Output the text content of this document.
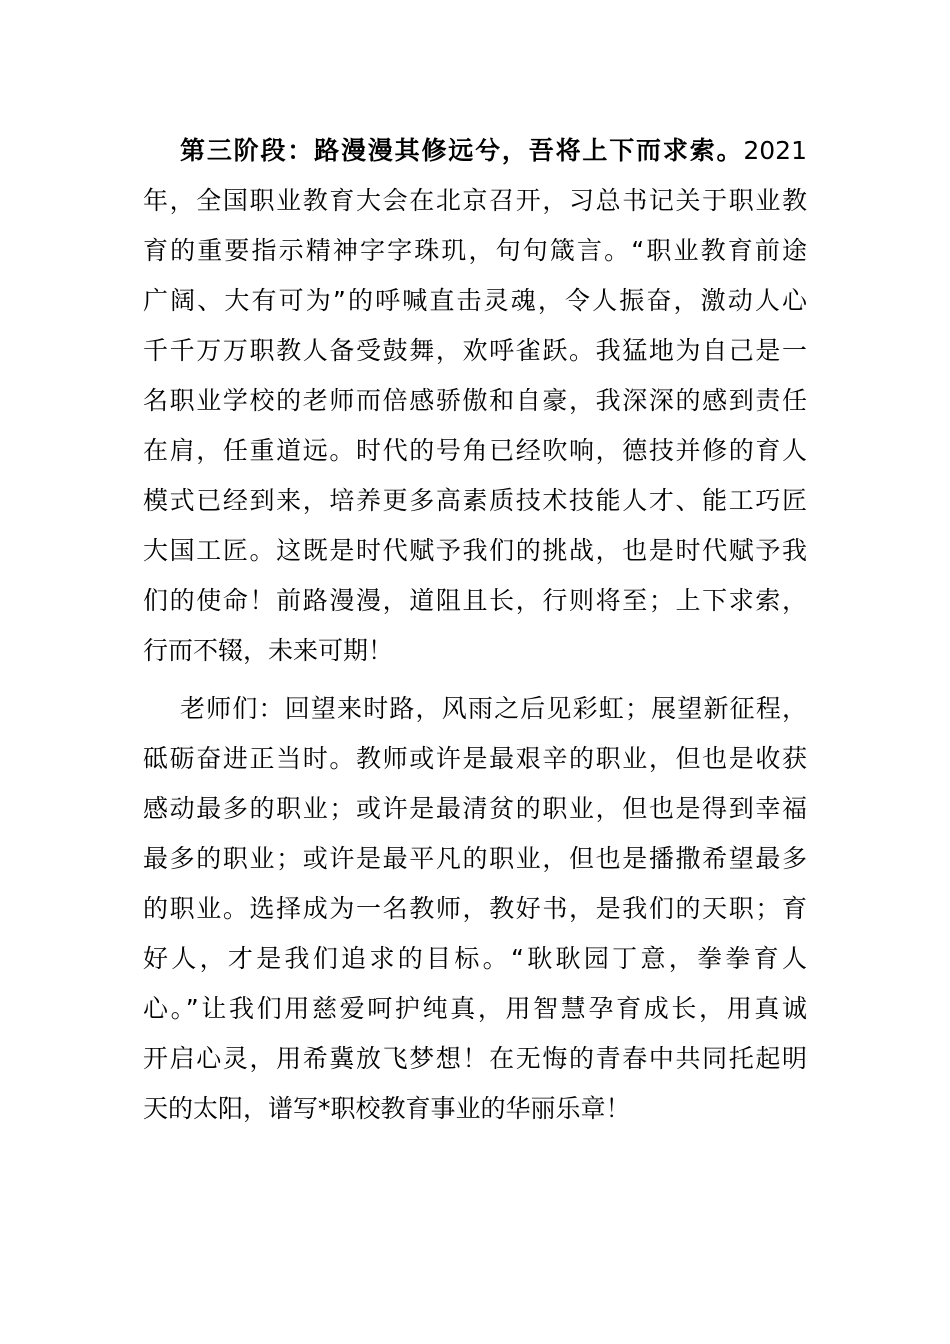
第三阶段：路漫漫其修远兮，吾将上下而求索。2021
年，全国职业教育大会在北京召开，习总书记关于职业教
育的重要指示精神字字珠玑，句句箴言。“职业教育前途
广阔、大有可为”的呼喊直击灵魂，令人振奋，激动人心
千千万万职教人备受鼓舞，欢呼雀跃。我猛地为自己是一
名职业学校的老师而倍感骄傲和自豪，我深深的感到责任
在肩，任重道远。时代的号角已经吹响，德技并修的育人
模式已经到来，培养更多高素质技术技能人才、能工巧匠
大国工匠。这既是时代赋予我们的挑战，也是时代赋予我
们的使命！前路漫漫，道阻且长，行则将至；上下求索，
行而不辍，未来可期！
老师们：回望来时路，风雨之后见彩虹；展望新征程，
砥砺奋进正当时。教师或许是最艰辛的职业，但也是收获
感动最多的职业；或许是最清贫的职业，但也是得到幸福
最多的职业；或许是最平凡的职业，但也是播撒希望最多
的职业。选择成为一名教师，教好书，是我们的天职；育
好人，才是我们追求的目标。“耿耿园丁意，拳拳育人
心。”让我们用慈爱呵护纯真，用智慧孕育成长，用真诚
开启心灵，用希冀放飞梦想！在无悔的青春中共同托起明
天的太阳，谱写*职校教育事业的华丽乐章！
